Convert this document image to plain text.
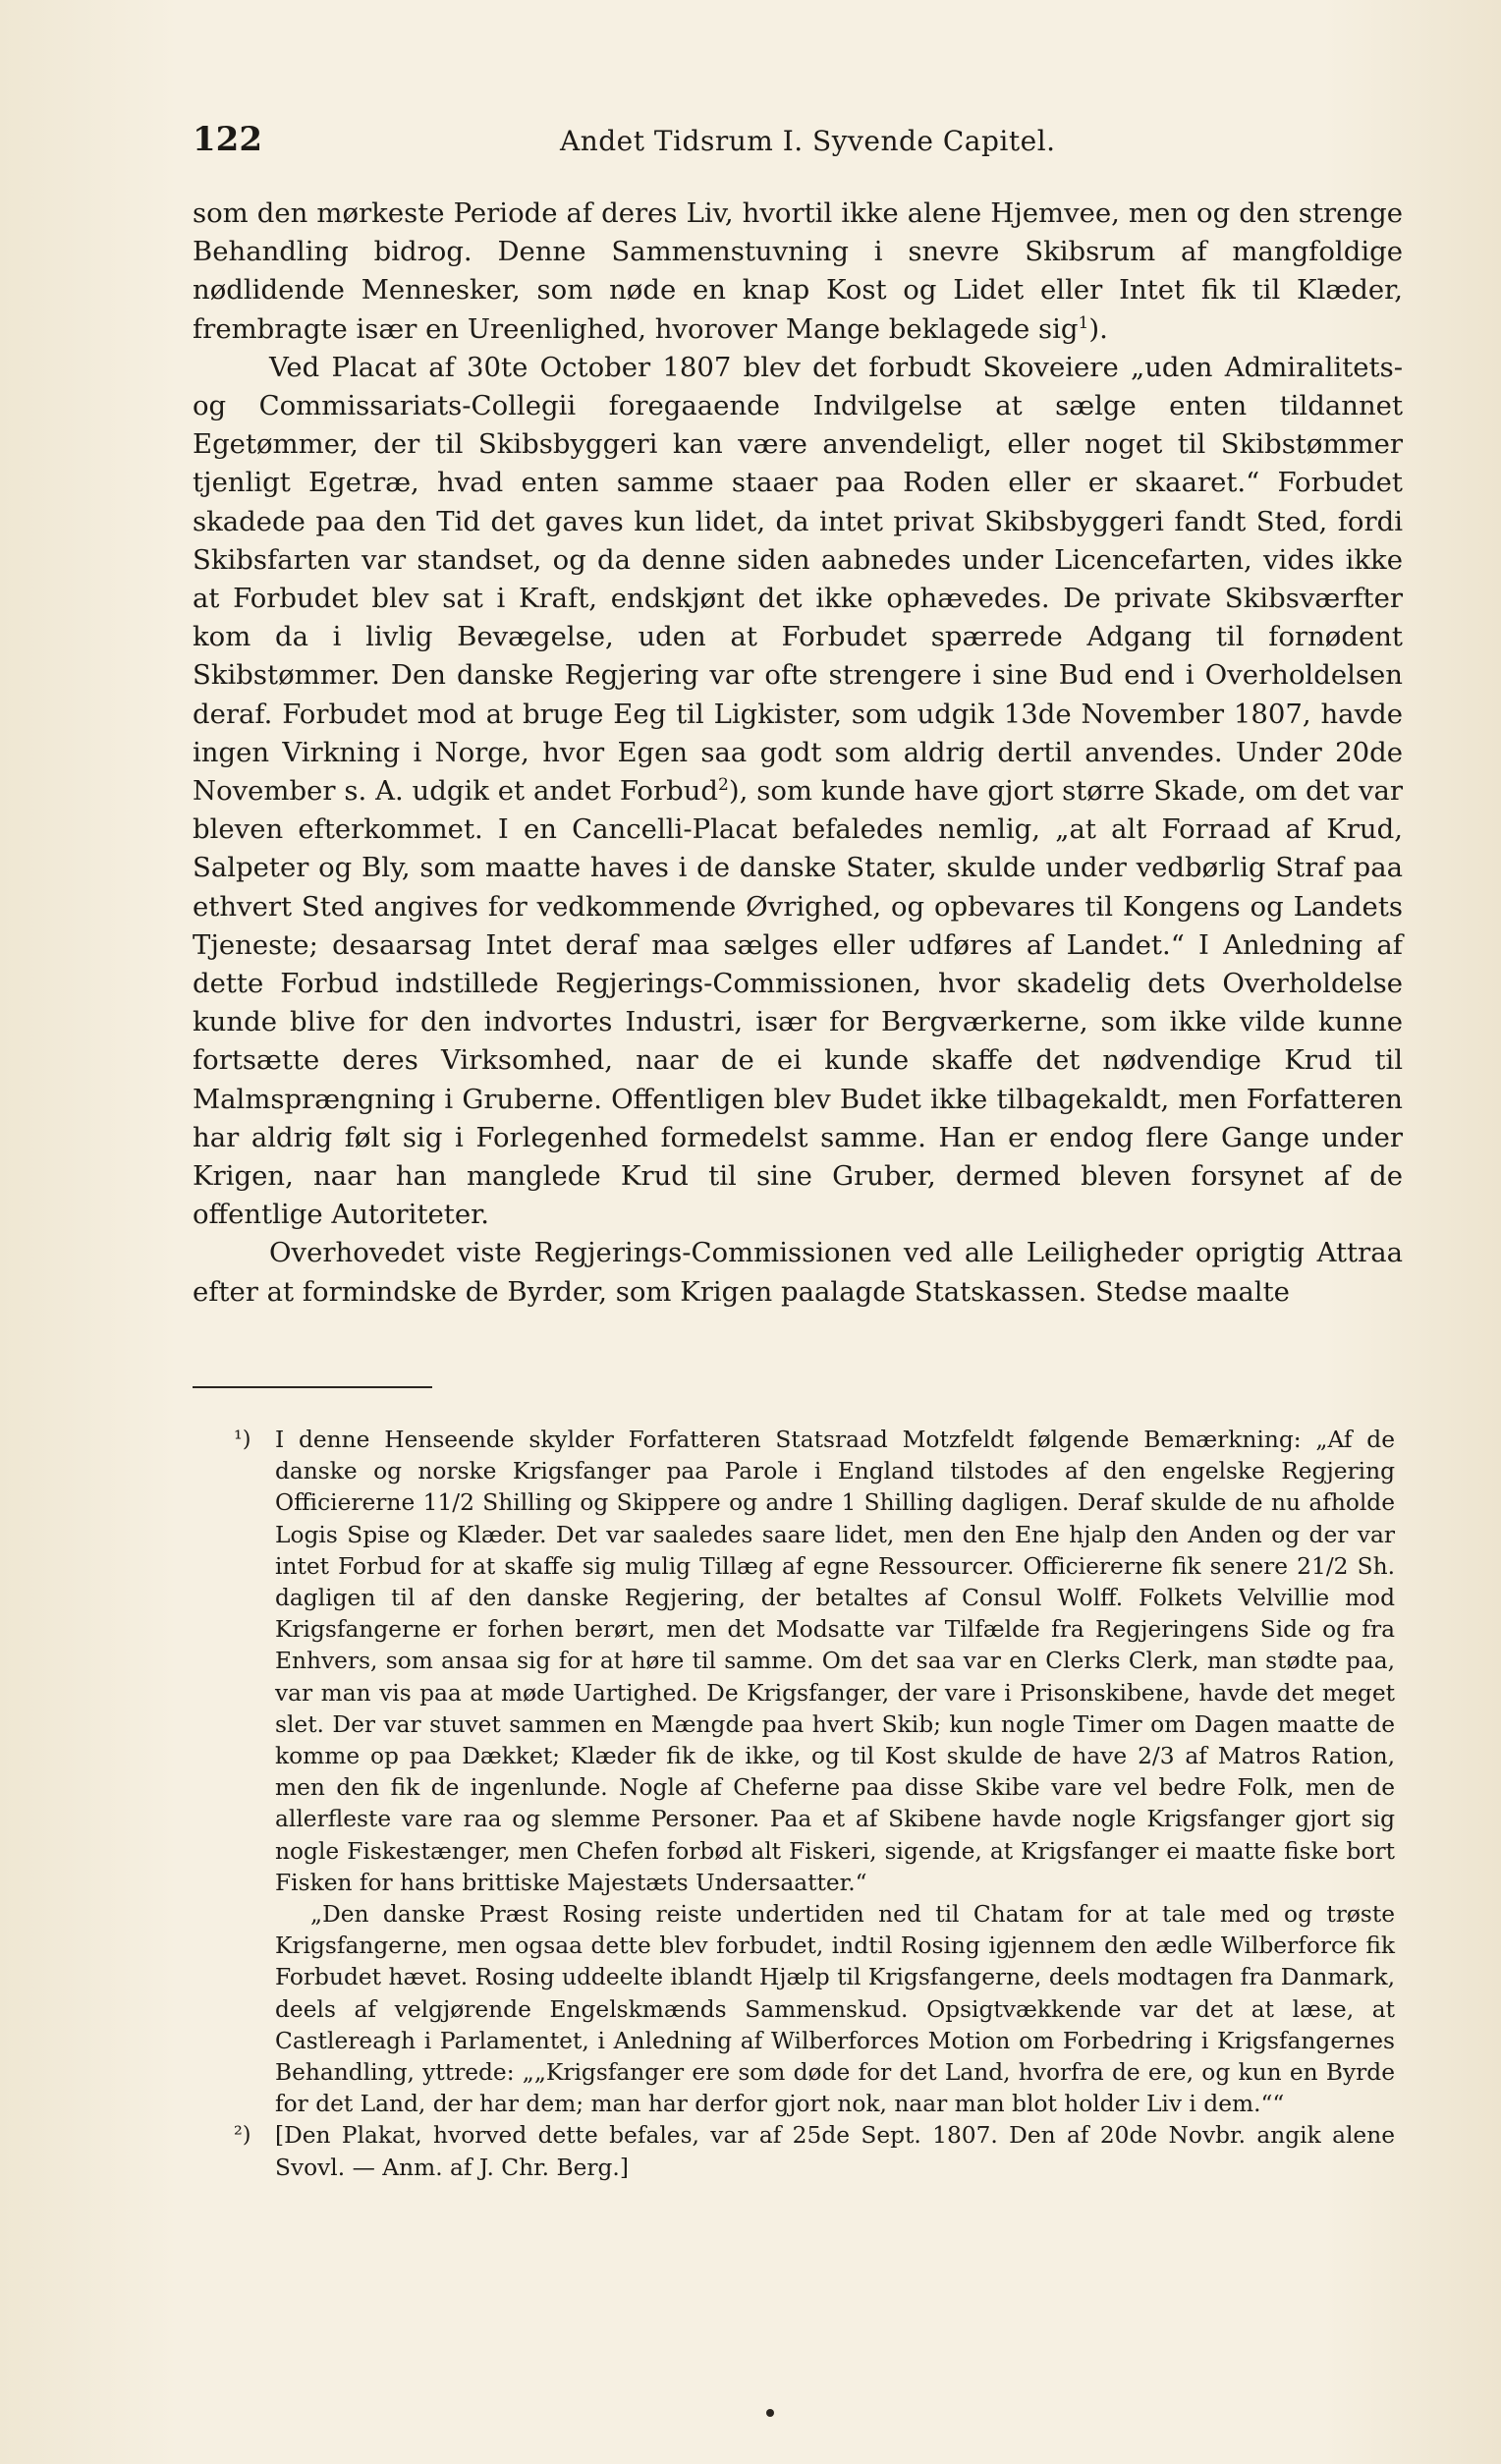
122	Andet Tidsrum I. Syvende Capitel.

som den mørkeste Periode af deres Liv, hvortil ikke alene Hjemvee, men og den strenge Behandling bidrog. Denne Sammenstuvning i snevre Skibsrum af mangfoldige nødlidende Mennesker, som nøde en knap Kost og Lidet eller Intet fik til Klæder, frembragte især en Ureenlighed, hvorover Mange beklagede sig$^1$).

Ved Placat af 30te October 1807 blev det forbudt Skoveiere „uden Admiralitets- og Commissariats-Collegii foregaaende Indvilgelse at sælge enten tildannet Egetømmer, der til Skibsbyggeri kan være anvendeligt, eller noget til Skibstømmer tjenligt Egetræ, hvad enten samme staaer paa Roden eller er skaaret.“ Forbudet skadede paa den Tid det gaves kun lidet, da intet privat Skibsbyggeri fandt Sted, fordi Skibsfarten var standset, og da denne siden aabnedes under Licencefarten, vides ikke at Forbudet blev sat i Kraft, endskjønt det ikke ophævedes. De private Skibsværfter kom da i livlig Bevægelse, uden at Forbudet spærrede Adgang til fornødent Skibstømmer. Den danske Regjering var ofte strengere i sine Bud end i Overholdelsen deraf. Forbudet mod at bruge Eeg til Ligkister, som udgik 13de November 1807, havde ingen Virkning i Norge, hvor Egen saa godt som aldrig dertil anvendes. Under 20de November s. A. udgik et andet Forbud$^2$), som kunde have gjort større Skade, om det var bleven efterkommet. I en Cancelli-Placat befaledes nemlig, „at alt Forraad af Krud, Salpeter og Bly, som maatte haves i de danske Stater, skulde under vedbørlig Straf paa ethvert Sted angives for vedkommende Øvrighed, og opbevares til Kongens og Landets Tjeneste; desaarsag Intet deraf maa sælges eller udføres af Landet.“ I Anledning af dette Forbud indstillede Regjerings-Commissionen, hvor skadelig dets Overholdelse kunde blive for den indvortes Industri, især for Bergværkerne, som ikke vilde kunne fortsætte deres Virksomhed, naar de ei kunde skaffe det nødvendige Krud til Malmsprængning i Gruberne. Offentligen blev Budet ikke tilbagekaldt, men Forfatteren har aldrig følt sig i Forlegenhed formedelst samme. Han er endog flere Gange under Krigen, naar han manglede Krud til sine Gruber, dermed bleven forsynet af de offentlige Autoriteter.

Overhovedet viste Regjerings-Commissionen ved alle Leiligheder oprigtig Attraa efter at formindske de Byrder, som Krigen paalagde Statskassen. Stedse maalte

¹) I denne Henseende skylder Forfatteren Statsraad Motzfeldt følgende Bemærkning: „Af de danske og norske Krigsfanger paa Parole i England tilstodes af den engelske Regjering Officiererne 11/2 Shilling og Skippere og andre 1 Shilling dagligen. Deraf skulde de nu afholde Logis Spise og Klæder. Det var saaledes saare lidet, men den Ene hjalp den Anden og der var intet Forbud for at skaffe sig mulig Tillæg af egne Ressourcer. Officiererne fik senere 21/2 Sh. dagligen til af den danske Regjering, der betaltes af Consul Wolff. Folkets Velvillie mod Krigsfangerne er forhen berørt, men det Modsatte var Tilfælde fra Regjeringens Side og fra Enhvers, som ansaa sig for at høre til samme. Om det saa var en Clerks Clerk, man stødte paa, var man vis paa at møde Uartighed. De Krigsfanger, der vare i Prisonskibene, havde det meget slet. Der var stuvet sammen en Mængde paa hvert Skib; kun nogle Timer om Dagen maatte de komme op paa Dækket; Klæder fik de ikke, og til Kost skulde de have 2/3 af Matros Ration, men den fik de ingenlunde. Nogle af Cheferne paa disse Skibe vare vel bedre Folk, men de allerfleste vare raa og slemme Personer. Paa et af Skibene havde nogle Krigsfanger gjort sig nogle Fiskestænger, men Chefen forbød alt Fiskeri, sigende, at Krigsfanger ei maatte fiske bort Fisken for hans brittiske Majestæts Undersaatter.“

„Den danske Præst Rosing reiste undertiden ned til Chatam for at tale med og trøste Krigsfangerne, men ogsaa dette blev forbudet, indtil Rosing igjennem den ædle Wilberforce fik Forbudet hævet. Rosing uddeelte iblandt Hjælp til Krigsfangerne, deels modtagen fra Danmark, deels af velgjørende Engelskmænds Sammenskud. Opsigtvækkende var det at læse, at Castlereagh i Parlamentet, i Anledning af Wilberforces Motion om Forbedring i Krigsfangernes Behandling, yttrede: „„Krigsfanger ere som døde for det Land, hvorfra de ere, og kun en Byrde for det Land, der har dem; man har derfor gjort nok, naar man blot holder Liv i dem.““

²) [Den Plakat, hvorved dette befales, var af 25de Sept. 1807. Den af 20de Novbr. angik alene Svovl. — Anm. af J. Chr. Berg.]
